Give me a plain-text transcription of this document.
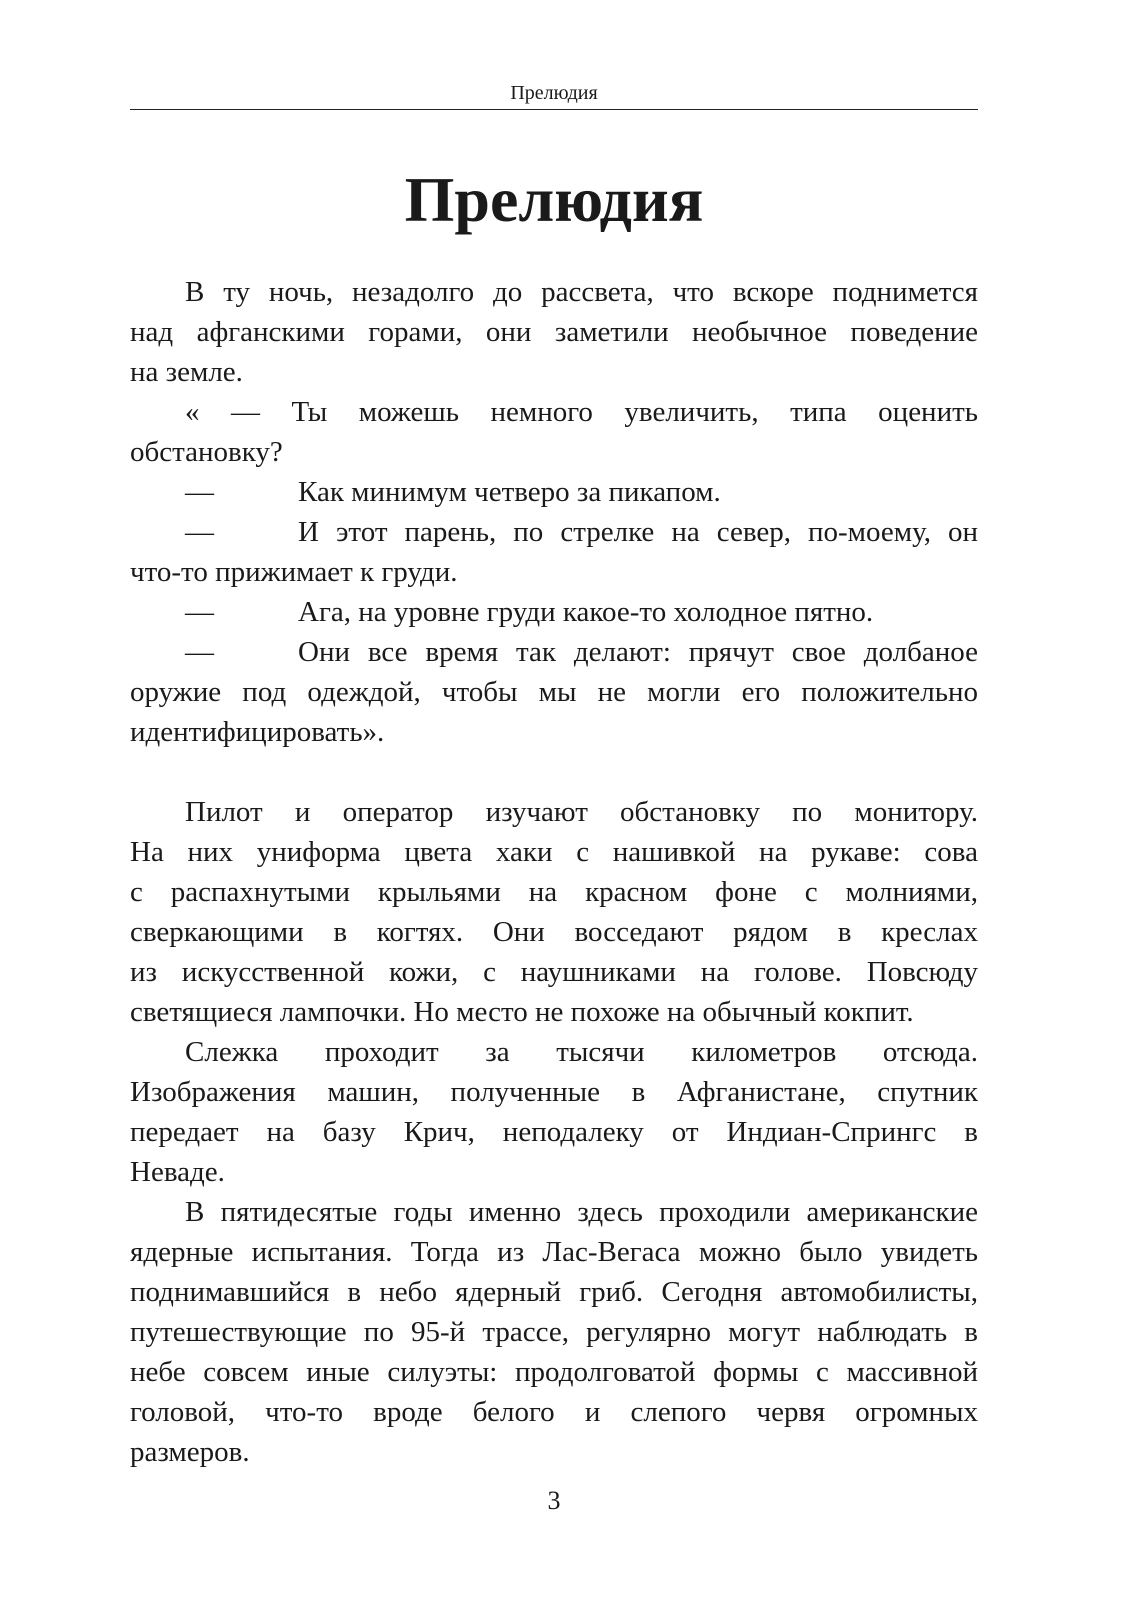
Прелюдия
Прелюдия
В ту ночь, незадолго до рассвета, что вскоре поднимется
над афганскими горами, они заметили необычное поведение
на земле.
« — Ты можешь немного увеличить, типа оценить
обстановку?
—	Как минимум четверо за пикапом.
—	И этот парень, по стрелке на север, по-моему, он
что-то прижимает к груди.
—	Ага, на уровне груди какое-то холодное пятно.
—	Они все время так делают: прячут свое долбаное
оружие под одеждой, чтобы мы не могли его положительно
идентифицировать».
Пилот и оператор изучают обстановку по монитору.
На них униформа цвета хаки с нашивкой на рукаве: сова
с распахнутыми крыльями на красном фоне с молниями,
сверкающими в когтях. Они восседают рядом в креслах
из искусственной кожи, с наушниками на голове. Повсюду
светящиеся лампочки. Но место не похоже на обычный кокпит.
Слежка проходит за тысячи километров отсюда.
Изображения машин, полученные в Афганистане, спутник
передает на базу Крич, неподалеку от Индиан-Спрингс в
Неваде.
В пятидесятые годы именно здесь проходили американские
ядерные испытания. Тогда из Лас-Вегаса можно было увидеть
поднимавшийся в небо ядерный гриб. Сегодня автомобилисты,
путешествующие по 95-й трассе, регулярно могут наблюдать в
небе совсем иные силуэты: продолговатой формы с массивной
головой, что-то вроде белого и слепого червя огромных
размеров.
3
